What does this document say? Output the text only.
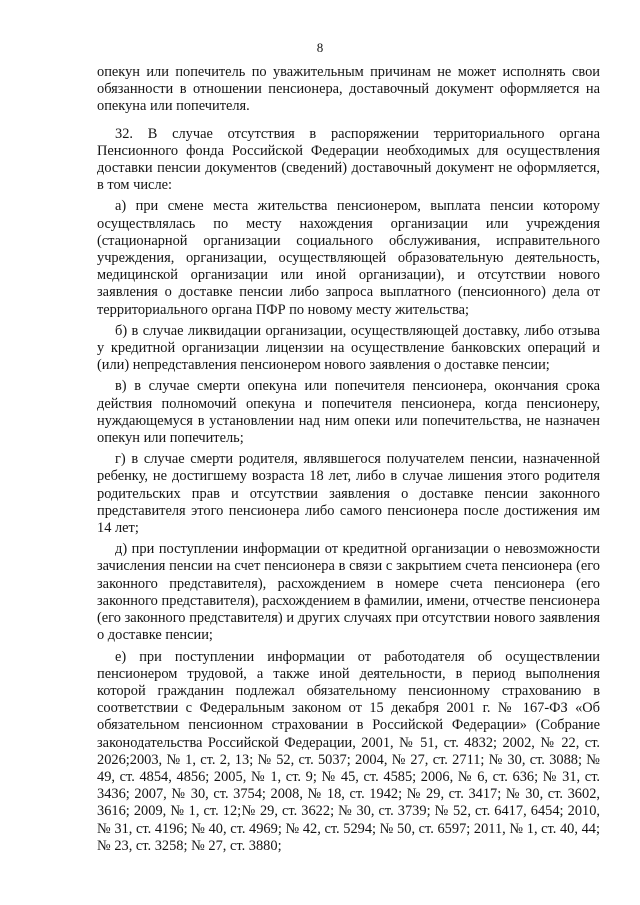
8

опекун или попечитель по уважительным причинам не может исполнять свои обязанности в отношении пенсионера, доставочный документ оформляется на опекуна или попечителя.

32. В случае отсутствия в распоряжении территориального органа Пенсионного фонда Российской Федерации необходимых для осуществления доставки пенсии документов (сведений) доставочный документ не оформляется, в том числе:

а) при смене места жительства пенсионером, выплата пенсии которому осуществлялась по месту нахождения организации или учреждения (стационарной организации социального обслуживания, исправительного учреждения, организации, осуществляющей образовательную деятельность, медицинской организации или иной организации), и отсутствии нового заявления о доставке пенсии либо запроса выплатного (пенсионного) дела от территориального органа ПФР по новому месту жительства;

б) в случае ликвидации организации, осуществляющей доставку, либо отзыва у кредитной организации лицензии на осуществление банковских операций и (или) непредставления пенсионером нового заявления о доставке пенсии;

в) в случае смерти опекуна или попечителя пенсионера, окончания срока действия полномочий опекуна и попечителя пенсионера, когда пенсионеру, нуждающемуся в установлении над ним опеки или попечительства, не назначен опекун или попечитель;

г) в случае смерти родителя, являвшегося получателем пенсии, назначенной ребенку, не достигшему возраста 18 лет, либо в случае лишения этого родителя родительских прав и отсутствии заявления о доставке пенсии законного представителя этого пенсионера либо самого пенсионера после достижения им 14 лет;

д) при поступлении информации от кредитной организации о невозможности зачисления пенсии на счет пенсионера в связи с закрытием счета пенсионера (его законного представителя), расхождением в номере счета пенсионера (его законного представителя), расхождением в фамилии, имени, отчестве пенсионера (его законного представителя) и других случаях при отсутствии нового заявления о доставке пенсии;

е) при поступлении информации от работодателя об осуществлении пенсионером трудовой, а также иной деятельности, в период выполнения которой гражданин подлежал обязательному пенсионному страхованию в соответствии с Федеральным законом от 15 декабря 2001 г. № 167-ФЗ «Об обязательном пенсионном страховании в Российской Федерации» (Собрание законодательства Российской Федерации, 2001, № 51, ст. 4832; 2002, № 22, ст. 2026;2003, № 1, ст. 2, 13; № 52, ст. 5037; 2004, № 27, ст. 2711; № 30, ст. 3088; № 49, ст. 4854, 4856; 2005, № 1, ст. 9; № 45, ст. 4585; 2006, № 6, ст. 636; № 31, ст. 3436; 2007, № 30, ст. 3754; 2008, № 18, ст. 1942; № 29, ст. 3417; № 30, ст. 3602, 3616; 2009, № 1, ст. 12;№ 29, ст. 3622; № 30, ст. 3739; № 52, ст. 6417, 6454; 2010, № 31, ст. 4196; № 40, ст. 4969; № 42, ст. 5294; № 50, ст. 6597; 2011, № 1, ст. 40, 44; № 23, ст. 3258; № 27, ст. 3880;
